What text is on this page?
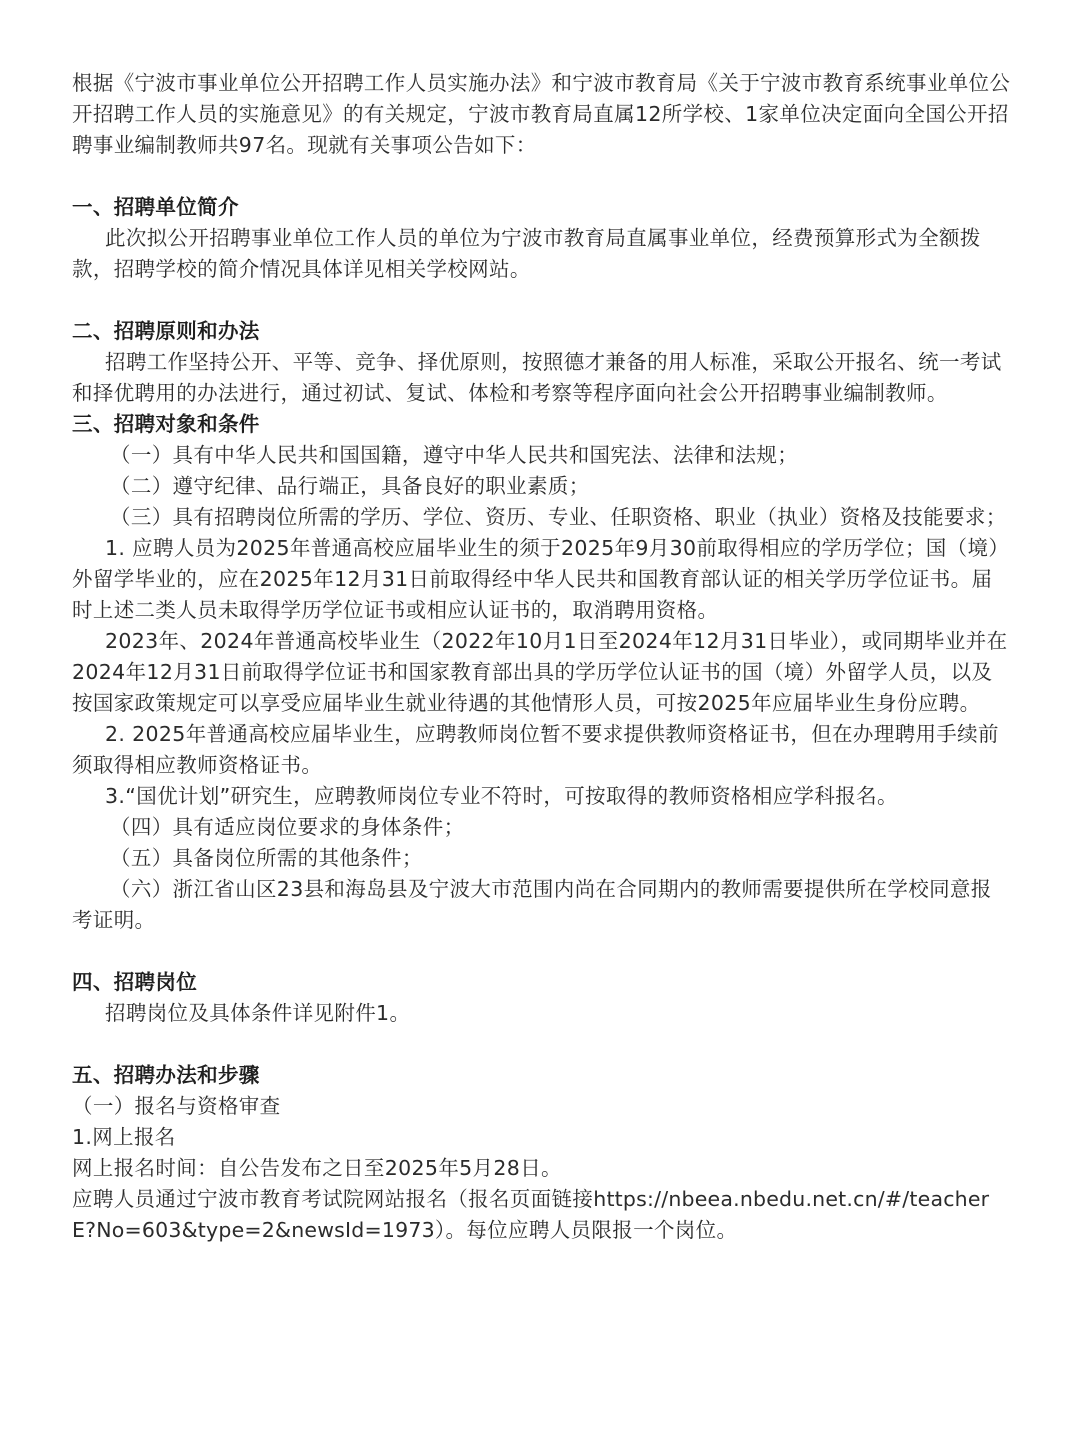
根据《宁波市事业单位公开招聘工作人员实施办法》和宁波市教育局《关于宁波市教育系统事业单位公开招聘工作人员的实施意见》的有关规定，宁波市教育局直属12所学校、1家单位决定面向全国公开招聘事业编制教师共97名。现就有关事项公告如下：

一、招聘单位简介

此次拟公开招聘事业单位工作人员的单位为宁波市教育局直属事业单位，经费预算形式为全额拨款，招聘学校的简介情况具体详见相关学校网站。

二、招聘原则和办法

招聘工作坚持公开、平等、竞争、择优原则，按照德才兼备的用人标准，采取公开报名、统一考试和择优聘用的办法进行，通过初试、复试、体检和考察等程序面向社会公开招聘事业编制教师。

三、招聘对象和条件

（一）具有中华人民共和国国籍，遵守中华人民共和国宪法、法律和法规；

（二）遵守纪律、品行端正，具备良好的职业素质；

（三）具有招聘岗位所需的学历、学位、资历、专业、任职资格、职业（执业）资格及技能要求；

1. 应聘人员为2025年普通高校应届毕业生的须于2025年9月30前取得相应的学历学位；国（境）外留学毕业的，应在2025年12月31日前取得经中华人民共和国教育部认证的相关学历学位证书。届时上述二类人员未取得学历学位证书或相应认证书的，取消聘用资格。

2023年、2024年普通高校毕业生（2022年10月1日至2024年12月31日毕业），或同期毕业并在2024年12月31日前取得学位证书和国家教育部出具的学历学位认证书的国（境）外留学人员，以及按国家政策规定可以享受应届毕业生就业待遇的其他情形人员，可按2025年应届毕业生身份应聘。

2. 2025年普通高校应届毕业生，应聘教师岗位暂不要求提供教师资格证书，但在办理聘用手续前须取得相应教师资格证书。

3.“国优计划”研究生，应聘教师岗位专业不符时，可按取得的教师资格相应学科报名。

（四）具有适应岗位要求的身体条件；

（五）具备岗位所需的其他条件；

（六）浙江省山区23县和海岛县及宁波大市范围内尚在合同期内的教师需要提供所在学校同意报考证明。

四、招聘岗位

招聘岗位及具体条件详见附件1。

五、招聘办法和步骤

（一）报名与资格审查

1.网上报名

网上报名时间：自公告发布之日至2025年5月28日。

应聘人员通过宁波市教育考试院网站报名（报名页面链接https://nbeea.nbedu.net.cn/#/teacherE?No=603&type=2&newsId=1973）。每位应聘人员限报一个岗位。
